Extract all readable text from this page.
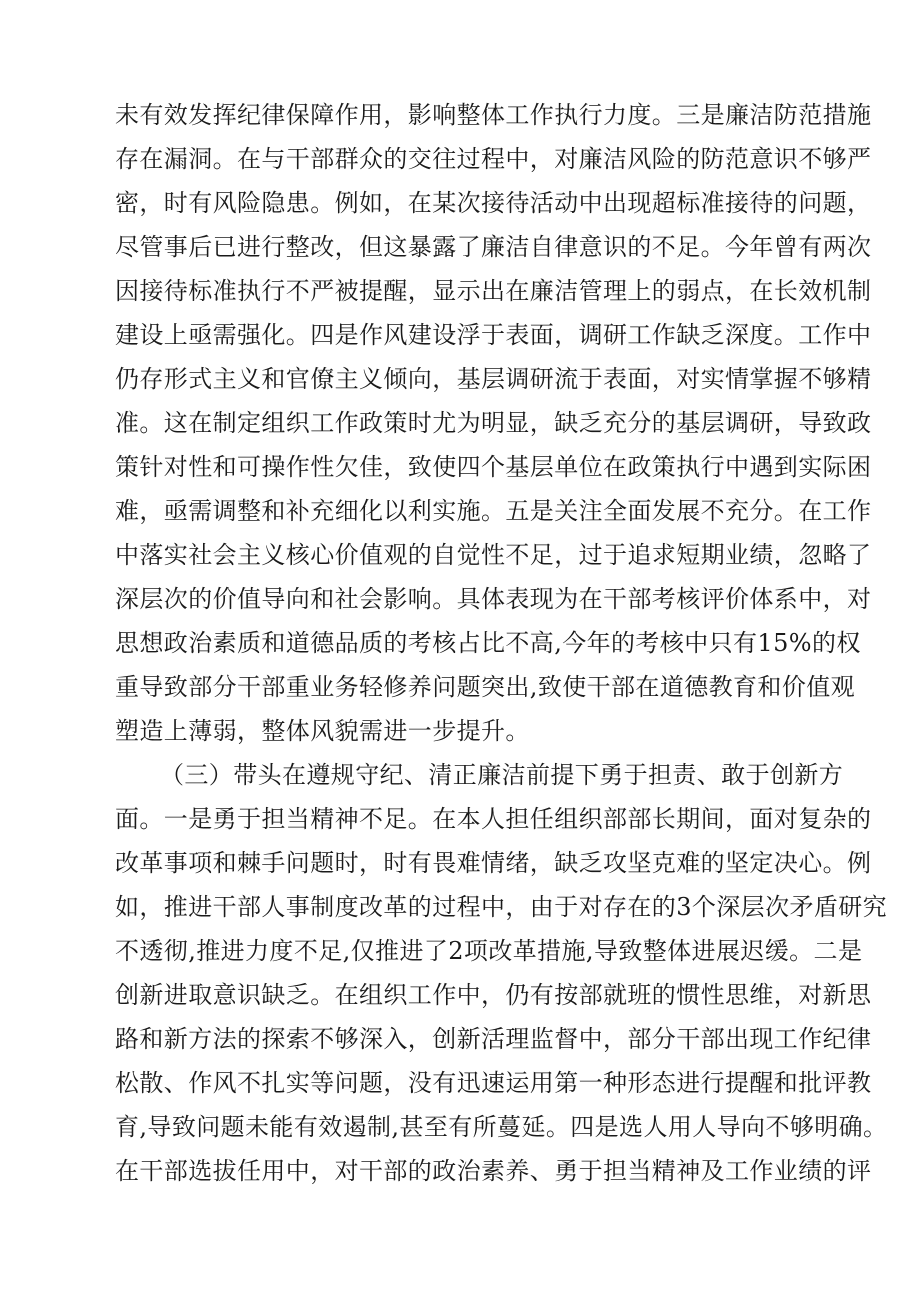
未有效发挥纪律保障作用，影响整体工作执行力度。三是廉洁防范措施
存在漏洞。在与干部群众的交往过程中，对廉洁风险的防范意识不够严
密，时有风险隐患。例如，在某次接待活动中出现超标准接待的问题，
尽管事后已进行整改，但这暴露了廉洁自律意识的不足。今年曾有两次
因接待标准执行不严被提醒，显示出在廉洁管理上的弱点，在长效机制
建设上亟需强化。四是作风建设浮于表面，调研工作缺乏深度。工作中
仍存形式主义和官僚主义倾向，基层调研流于表面，对实情掌握不够精
准。这在制定组织工作政策时尤为明显，缺乏充分的基层调研，导致政
策针对性和可操作性欠佳，致使四个基层单位在政策执行中遇到实际困
难，亟需调整和补充细化以利实施。五是关注全面发展不充分。在工作
中落实社会主义核心价值观的自觉性不足，过于追求短期业绩，忽略了
深层次的价值导向和社会影响。具体表现为在干部考核评价体系中，对
思想政治素质和道德品质的考核占比不高,今年的考核中只有15%的权
重导致部分干部重业务轻修养问题突出,致使干部在道德教育和价值观
塑造上薄弱，整体风貌需进一步提升。
（三）带头在遵规守纪、清正廉洁前提下勇于担责、敢于创新方
面。一是勇于担当精神不足。在本人担任组织部部长期间，面对复杂的
改革事项和棘手问题时，时有畏难情绪，缺乏攻坚克难的坚定决心。例
如，推进干部人事制度改革的过程中，由于对存在的3个深层次矛盾研究
不透彻,推进力度不足,仅推进了2项改革措施,导致整体进展迟缓。二是
创新进取意识缺乏。在组织工作中，仍有按部就班的惯性思维，对新思
路和新方法的探索不够深入，创新活理监督中，部分干部出现工作纪律
松散、作风不扎实等问题，没有迅速运用第一种形态进行提醒和批评教
育,导致问题未能有效遏制,甚至有所蔓延。四是选人用人导向不够明确。
在干部选拔任用中，对干部的政治素养、勇于担当精神及工作业绩的评
